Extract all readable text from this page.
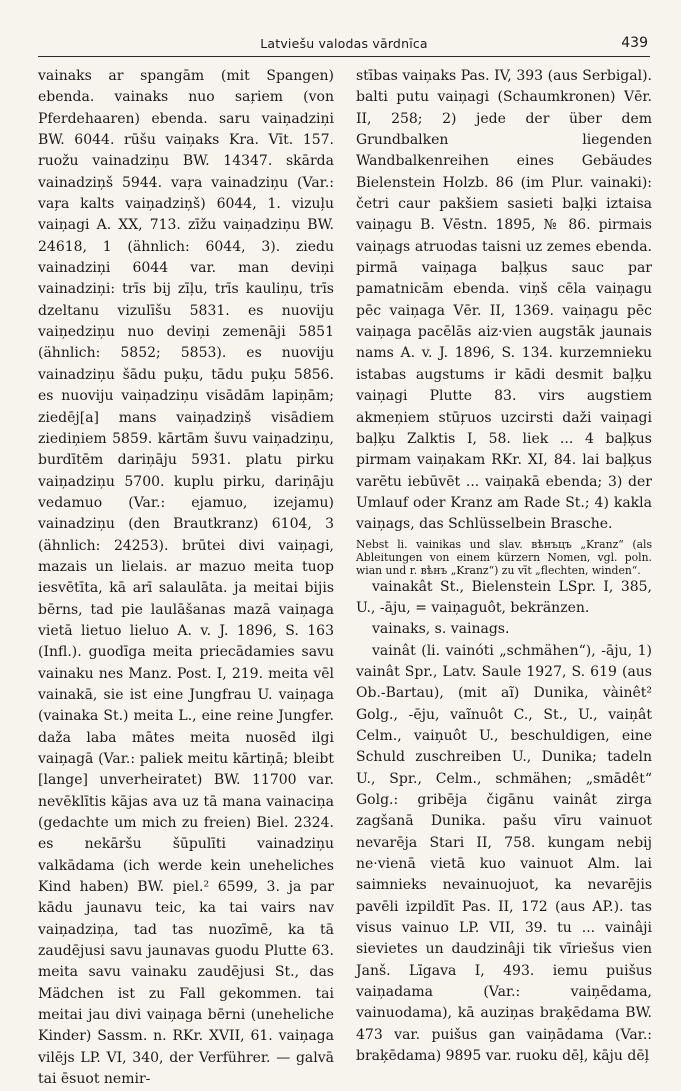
Latviešu valodas vārdnīca	439

vainaks ar spangām (mit Spangen) ebenda. vainaks nuo saŗiem (von Pferdehaaren) ebenda. saru vaiņadziņi BW. 6044. rūšu vaiņaks Kra. Vīt. 157. ruožu vainadziņu BW. 14347. skārda vainadziņš 5944. vaŗa vainadziņu (Var.: vaŗa kalts vaiņadziņš) 6044, 1. vizuļu vaiņagi A. XX, 713. zīžu vaiņadziņu BW. 24618, 1 (ähnlich: 6044, 3). ziedu vainadziņi 6044 var. man deviņi vainadziņi: trīs bij zīļu, trīs kauliņu, trīs dzeltanu vizulīšu 5831. es nuoviju vaiņedziņu nuo deviņi zemenāji 5851 (ähnlich: 5852; 5853). es nuoviju vainadziņu šādu puķu, tādu puķu 5856. es nuoviju vaiņadziņu visādām lapiņām; ziedēj[a] mans vaiņadziņš visādiem ziediņiem 5859. kārtām šuvu vaiņadziņu, burdītēm dariņāju 5931. platu pirku vaiņadziņu 5700. kuplu pirku, dariņāju vedamuo (Var.: ejamuo, izejamu) vainadziņu (den Brautkranz) 6104, 3 (ähnlich: 24253). brūtei divi vaiņagi, mazais un lielais. ar mazuo meita tuop iesvētīta, kā arī salaulāta. ja meitai bijis bērns, tad pie laulāšanas mazā vaiņaga vietā lietuo lieluo A. v. J. 1896, S. 163 (Infl.). guodīga meita priecādamies savu vainaku nes Manz. Post. I, 219. meita vēl vainakā, sie ist eine Jungfrau U. vaiņaga (vainaka St.) meita L., eine reine Jungfer. daža laba mātes meita nuosēd ilgi vaiņagā (Var.: paliek meitu kārtiņā; bleibt [lange] unverheiratet) BW. 11700 var. nevēklītis kājas ava uz tā mana vainaciņa (gedachte um mich zu freien) Biel. 2324. es nekāršu šūpulīti vainadziņu valkādama (ich werde kein uneheliches Kind haben) BW. piel.² 6599, 3. ja par kādu jaunavu teic, ka tai vairs nav vaiņadziņa, tad tas nuozīmē, ka tā zaudējusi savu jaunavas guodu Plutte 63. meita savu vainaku zaudējusi St., das Mädchen ist zu Fall gekommen. tai meitai jau divi vaiņaga bērni (uneheliche Kinder) Sassm. n. RKr. XVII, 61. vaiņaga vilējs LP. VI, 340, der Verführer. — galvā tai ēsuot nemir-

stības vaiņaks Pas. IV, 393 (aus Serbigal). balti putu vaiņagi (Schaumkronen) Vēr. II, 258; 2) jede der über dem Grundbalken liegenden Wandbalkenreihen eines Gebäudes Bielenstein Holzb. 86 (im Plur. vainaki): četri caur pakšiem sasieti baļķi iztaisa vaiņagu B. Vēstn. 1895, № 86. pirmais vaiņags atruodas taisni uz zemes ebenda. pirmā vaiņaga baļķus sauc par pamatnicām ebenda. viņš cēla vaiņagu pēc vaiņaga Vēr. II, 1369. vaiņagu pēc vaiņaga pacēlās aiz·vien augstāk jaunais nams A. v. J. 1896, S. 134. kurzemnieku istabas augstums ir kādi desmit baļķu vaiņagi Plutte 83. virs augstiem akmeņiem stūŗuos uzcirsti daži vaiņagi baļķu Zalktis I, 58. liek ... 4 baļķus pirmam vaiņakam RKr. XI, 84. lai baļķus varētu iebūvēt ... vaiņakā ebenda; 3) der Umlauf oder Kranz am Rade St.; 4) kakla vaiņags, das Schlüsselbein Brasche.

Nebst li. vainikas und slav. вѣнъцъ „Kranz“ (als Ableitungen von einem kürzern Nomen, vgl. poln. wian und r. вѣнъ „Kranz“) zu vīt „flechten, winden“.

vainakât St., Bielenstein LSpr. I, 385, U., -āju, = vaiņaguôt, bekränzen.

vainaks, s. vainags.

vainât (li. vainóti „schmähen“), -āju, 1) vainât Spr., Latv. Saule 1927, S. 619 (aus Ob.-Bartau), (mit aĩ) Dunika, vàinêt² Golg., -ēju, vaĩnuôt C., St., U., vaiņât Celm., vaiņuôt U., beschuldigen, eine Schuld zuschreiben U., Dunika; tadeln U., Spr., Celm., schmähen; „smādêt“ Golg.: gribēja čigānu vainât zirga zagšanā Dunika. pašu vīru vainuot nevarēja Stari II, 758. kungam nebij ne·vienā vietā kuo vainuot Alm. lai saimnieks nevainuojuot, ka nevarējis pavēli izpildīt Pas. II, 172 (aus AP.). tas visus vainuo LP. VII, 39. tu ... vainâji sievietes un daudzinâji tik vīriešus vien Janš. Līgava I, 493. iemu puišus vaiņadama (Var.: vaiņēdama, vainuodama), kā auziņas braķēdama BW. 473 var. puišus gan vaiņādama (Var.: braķēdama) 9895 var. ruoku dēļ, kāju dēļ
